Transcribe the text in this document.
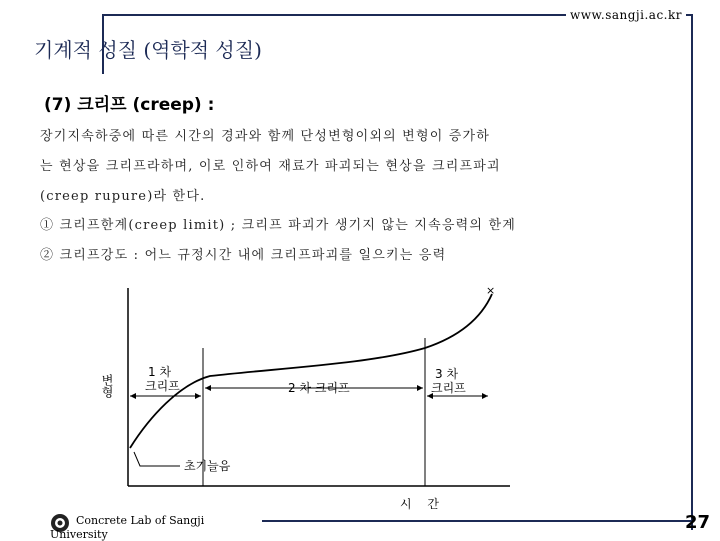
www.sangji.ac.kr
기계적 성질 (역학적 성질)
(7) 크리프 (creep) :
장기지속하중에 따른 시간의 경과와 함께 단성변형이외의 변형이 증가하
는 현상을 크리프라하며, 이로 인하여 재료가 파괴되는 현상을 크리프파괴
(creep rupure)라 한다.
① 크리프한계(creep limit) ; 크리프 파괴가 생기지 않는 지속응력의 한계
② 크리프강도 : 어느 규정시간 내에 크리프파괴를 일으키는 응력
변형
1 차
크리프	2 차 크리프
3 차
크리프
초기늘음
×
시 간
Concrete Lab of Sangji
University
27
